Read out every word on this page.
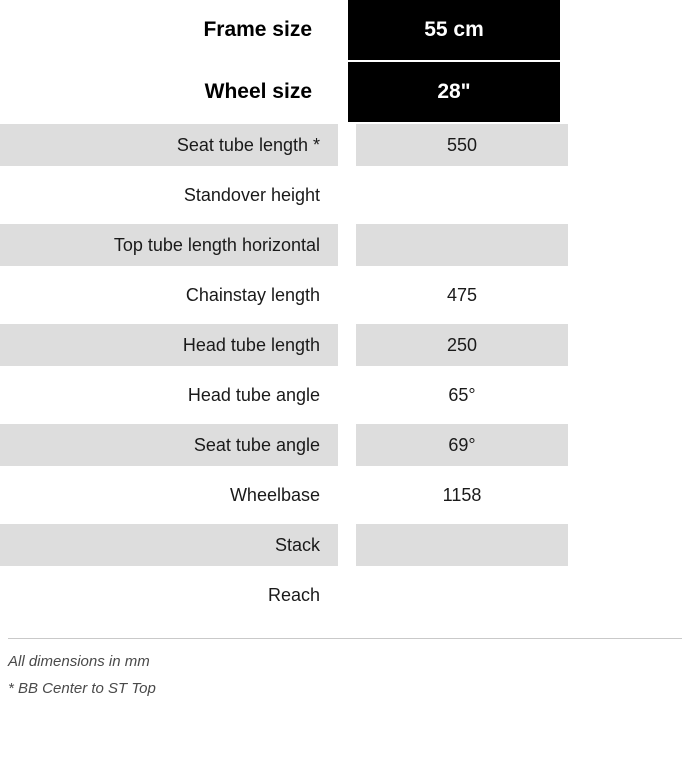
Frame size	55 cm
Wheel size	28"
Seat tube length *	550
Standover height
Top tube length horizontal
Chainstay length	475
Head tube length	250
Head tube angle	65°
Seat tube angle	69°
Wheelbase	1158
Stack
Reach
All dimensions in mm
* BB Center to ST Top
